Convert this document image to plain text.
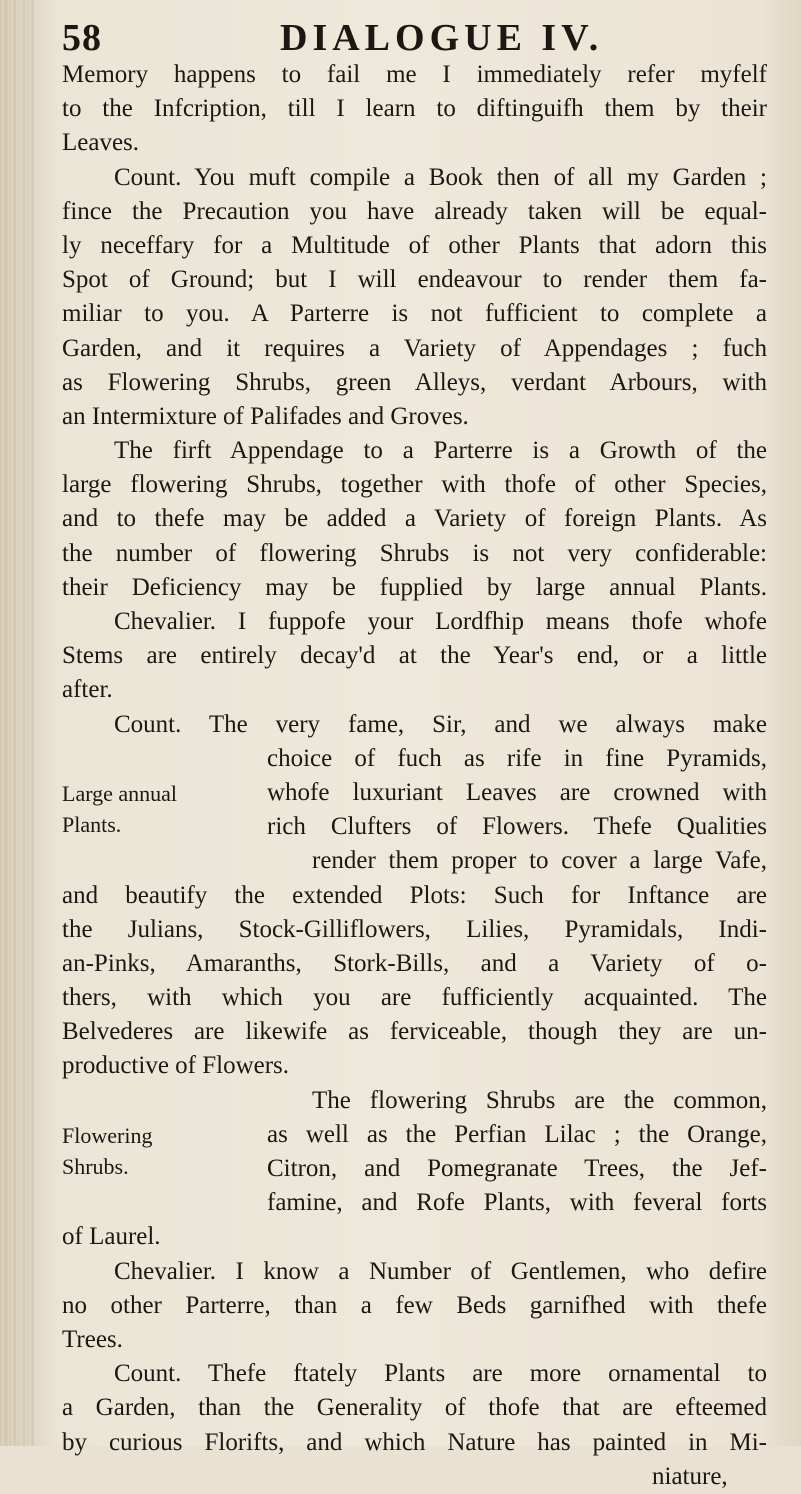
58	DIALOGUE IV.
Memory happens to fail me I immediately refer myfelf
to the Infcription, till I learn to diftinguifh them by their
Leaves.
Count. You muft compile a Book then of all my Garden ;
fince the Precaution you have already taken will be equal-
ly neceffary for a Multitude of other Plants that adorn this
Spot of Ground; but I will endeavour to render them fa-
miliar to you. A Parterre is not fufficient to complete a
Garden, and it requires a Variety of Appendages ; fuch
as Flowering Shrubs, green Alleys, verdant Arbours, with
an Intermixture of Palifades and Groves.
The firft Appendage to a Parterre is a Growth of the
large flowering Shrubs, together with thofe of other Species,
and to thefe may be added a Variety of foreign Plants. As
the number of flowering Shrubs is not very confiderable:
their Deficiency may be fupplied by large annual Plants.
Chevalier. I fuppofe your Lordfhip means thofe whofe
Stems are entirely decay'd at the Year's end, or a little
after.
Count. The very fame, Sir, and we always make
choice of fuch as rife in fine Pyramids,
Large annual	whofe luxuriant Leaves are crowned with
Plants.	rich Clufters of Flowers. Thefe Qualities
render them proper to cover a large Vafe,
and beautify the extended Plots: Such for Inftance are
the Julians, Stock-Gilliflowers, Lilies, Pyramidals, Indi-
an-Pinks, Amaranths, Stork-Bills, and a Variety of o-
thers, with which you are fufficiently acquainted. The
Belvederes are likewife as ferviceable, though they are un-
productive of Flowers.
The flowering Shrubs are the common,
Flowering	as well as the Perfian Lilac ; the Orange,
Shrubs.	Citron, and Pomegranate Trees, the Jef-
famine, and Rofe Plants, with feveral forts
of Laurel.
Chevalier. I know a Number of Gentlemen, who defire
no other Parterre, than a few Beds garnifhed with thefe
Trees.
Count. Thefe ftately Plants are more ornamental to
a Garden, than the Generality of thofe that are efteemed
by curious Florifts, and which Nature has painted in Mi-
niature,
